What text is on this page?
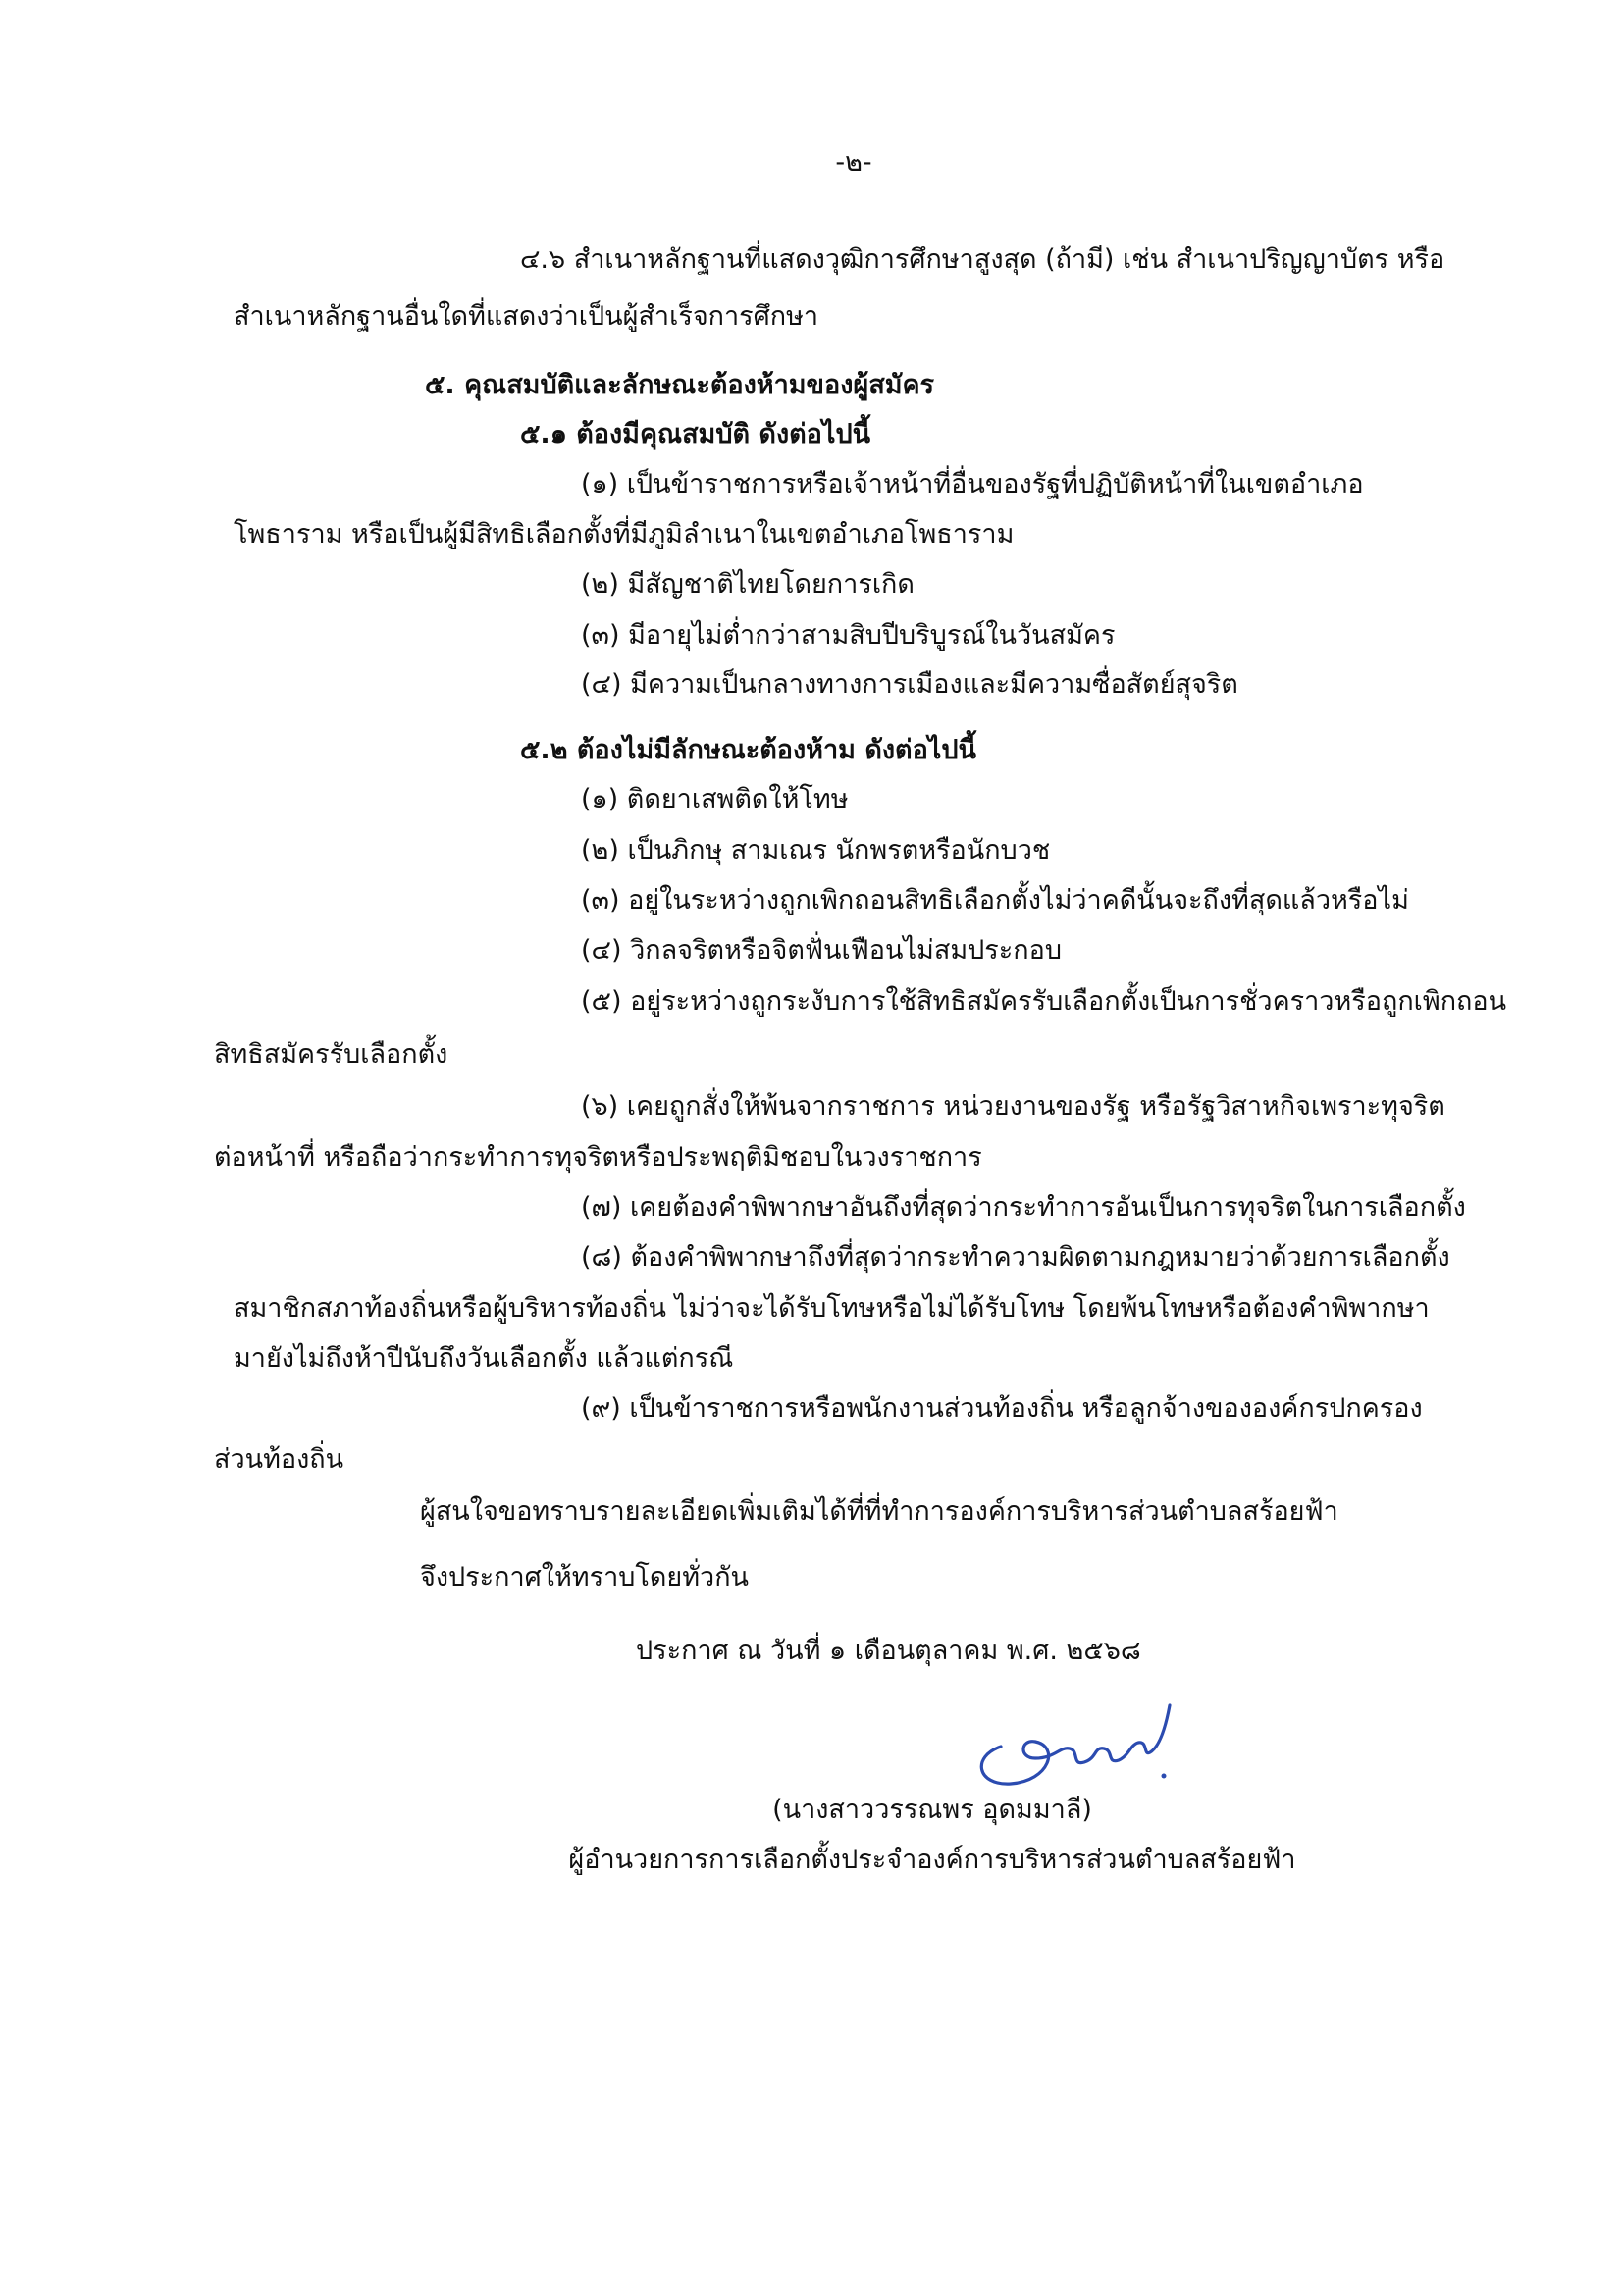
-๒-
๔.๖ สำเนาหลักฐานที่แสดงวุฒิการศึกษาสูงสุด (ถ้ามี) เช่น สำเนาปริญญาบัตร หรือ
สำเนาหลักฐานอื่นใดที่แสดงว่าเป็นผู้สำเร็จการศึกษา
๕. คุณสมบัติและลักษณะต้องห้ามของผู้สมัคร
๕.๑ ต้องมีคุณสมบัติ ดังต่อไปนี้
(๑) เป็นข้าราชการหรือเจ้าหน้าที่อื่นของรัฐที่ปฏิบัติหน้าที่ในเขตอำเภอ
โพธาราม หรือเป็นผู้มีสิทธิเลือกตั้งที่มีภูมิลำเนาในเขตอำเภอโพธาราม
(๒) มีสัญชาติไทยโดยการเกิด
(๓) มีอายุไม่ต่ำกว่าสามสิบปีบริบูรณ์ในวันสมัคร
(๔) มีความเป็นกลางทางการเมืองและมีความซื่อสัตย์สุจริต
๕.๒ ต้องไม่มีลักษณะต้องห้าม ดังต่อไปนี้
(๑) ติดยาเสพติดให้โทษ
(๒) เป็นภิกษุ สามเณร นักพรตหรือนักบวช
(๓) อยู่ในระหว่างถูกเพิกถอนสิทธิเลือกตั้งไม่ว่าคดีนั้นจะถึงที่สุดแล้วหรือไม่
(๔) วิกลจริตหรือจิตฟั่นเฟือนไม่สมประกอบ
(๕) อยู่ระหว่างถูกระงับการใช้สิทธิสมัครรับเลือกตั้งเป็นการชั่วคราวหรือถูกเพิกถอน
สิทธิสมัครรับเลือกตั้ง
(๖) เคยถูกสั่งให้พ้นจากราชการ หน่วยงานของรัฐ หรือรัฐวิสาหกิจเพราะทุจริต
ต่อหน้าที่ หรือถือว่ากระทำการทุจริตหรือประพฤติมิชอบในวงราชการ
(๗) เคยต้องคำพิพากษาอันถึงที่สุดว่ากระทำการอันเป็นการทุจริตในการเลือกตั้ง
(๘) ต้องคำพิพากษาถึงที่สุดว่ากระทำความผิดตามกฎหมายว่าด้วยการเลือกตั้ง
สมาชิกสภาท้องถิ่นหรือผู้บริหารท้องถิ่น ไม่ว่าจะได้รับโทษหรือไม่ได้รับโทษ โดยพ้นโทษหรือต้องคำพิพากษา
มายังไม่ถึงห้าปีนับถึงวันเลือกตั้ง แล้วแต่กรณี
(๙) เป็นข้าราชการหรือพนักงานส่วนท้องถิ่น หรือลูกจ้างขององค์กรปกครอง
ส่วนท้องถิ่น
ผู้สนใจขอทราบรายละเอียดเพิ่มเติมได้ที่ที่ทำการองค์การบริหารส่วนตำบลสร้อยฟ้า
จึงประกาศให้ทราบโดยทั่วกัน
ประกาศ ณ วันที่ ๑ เดือนตุลาคม พ.ศ. ๒๕๖๘
(นางสาววรรณพร อุดมมาลี)
ผู้อำนวยการการเลือกตั้งประจำองค์การบริหารส่วนตำบลสร้อยฟ้า
